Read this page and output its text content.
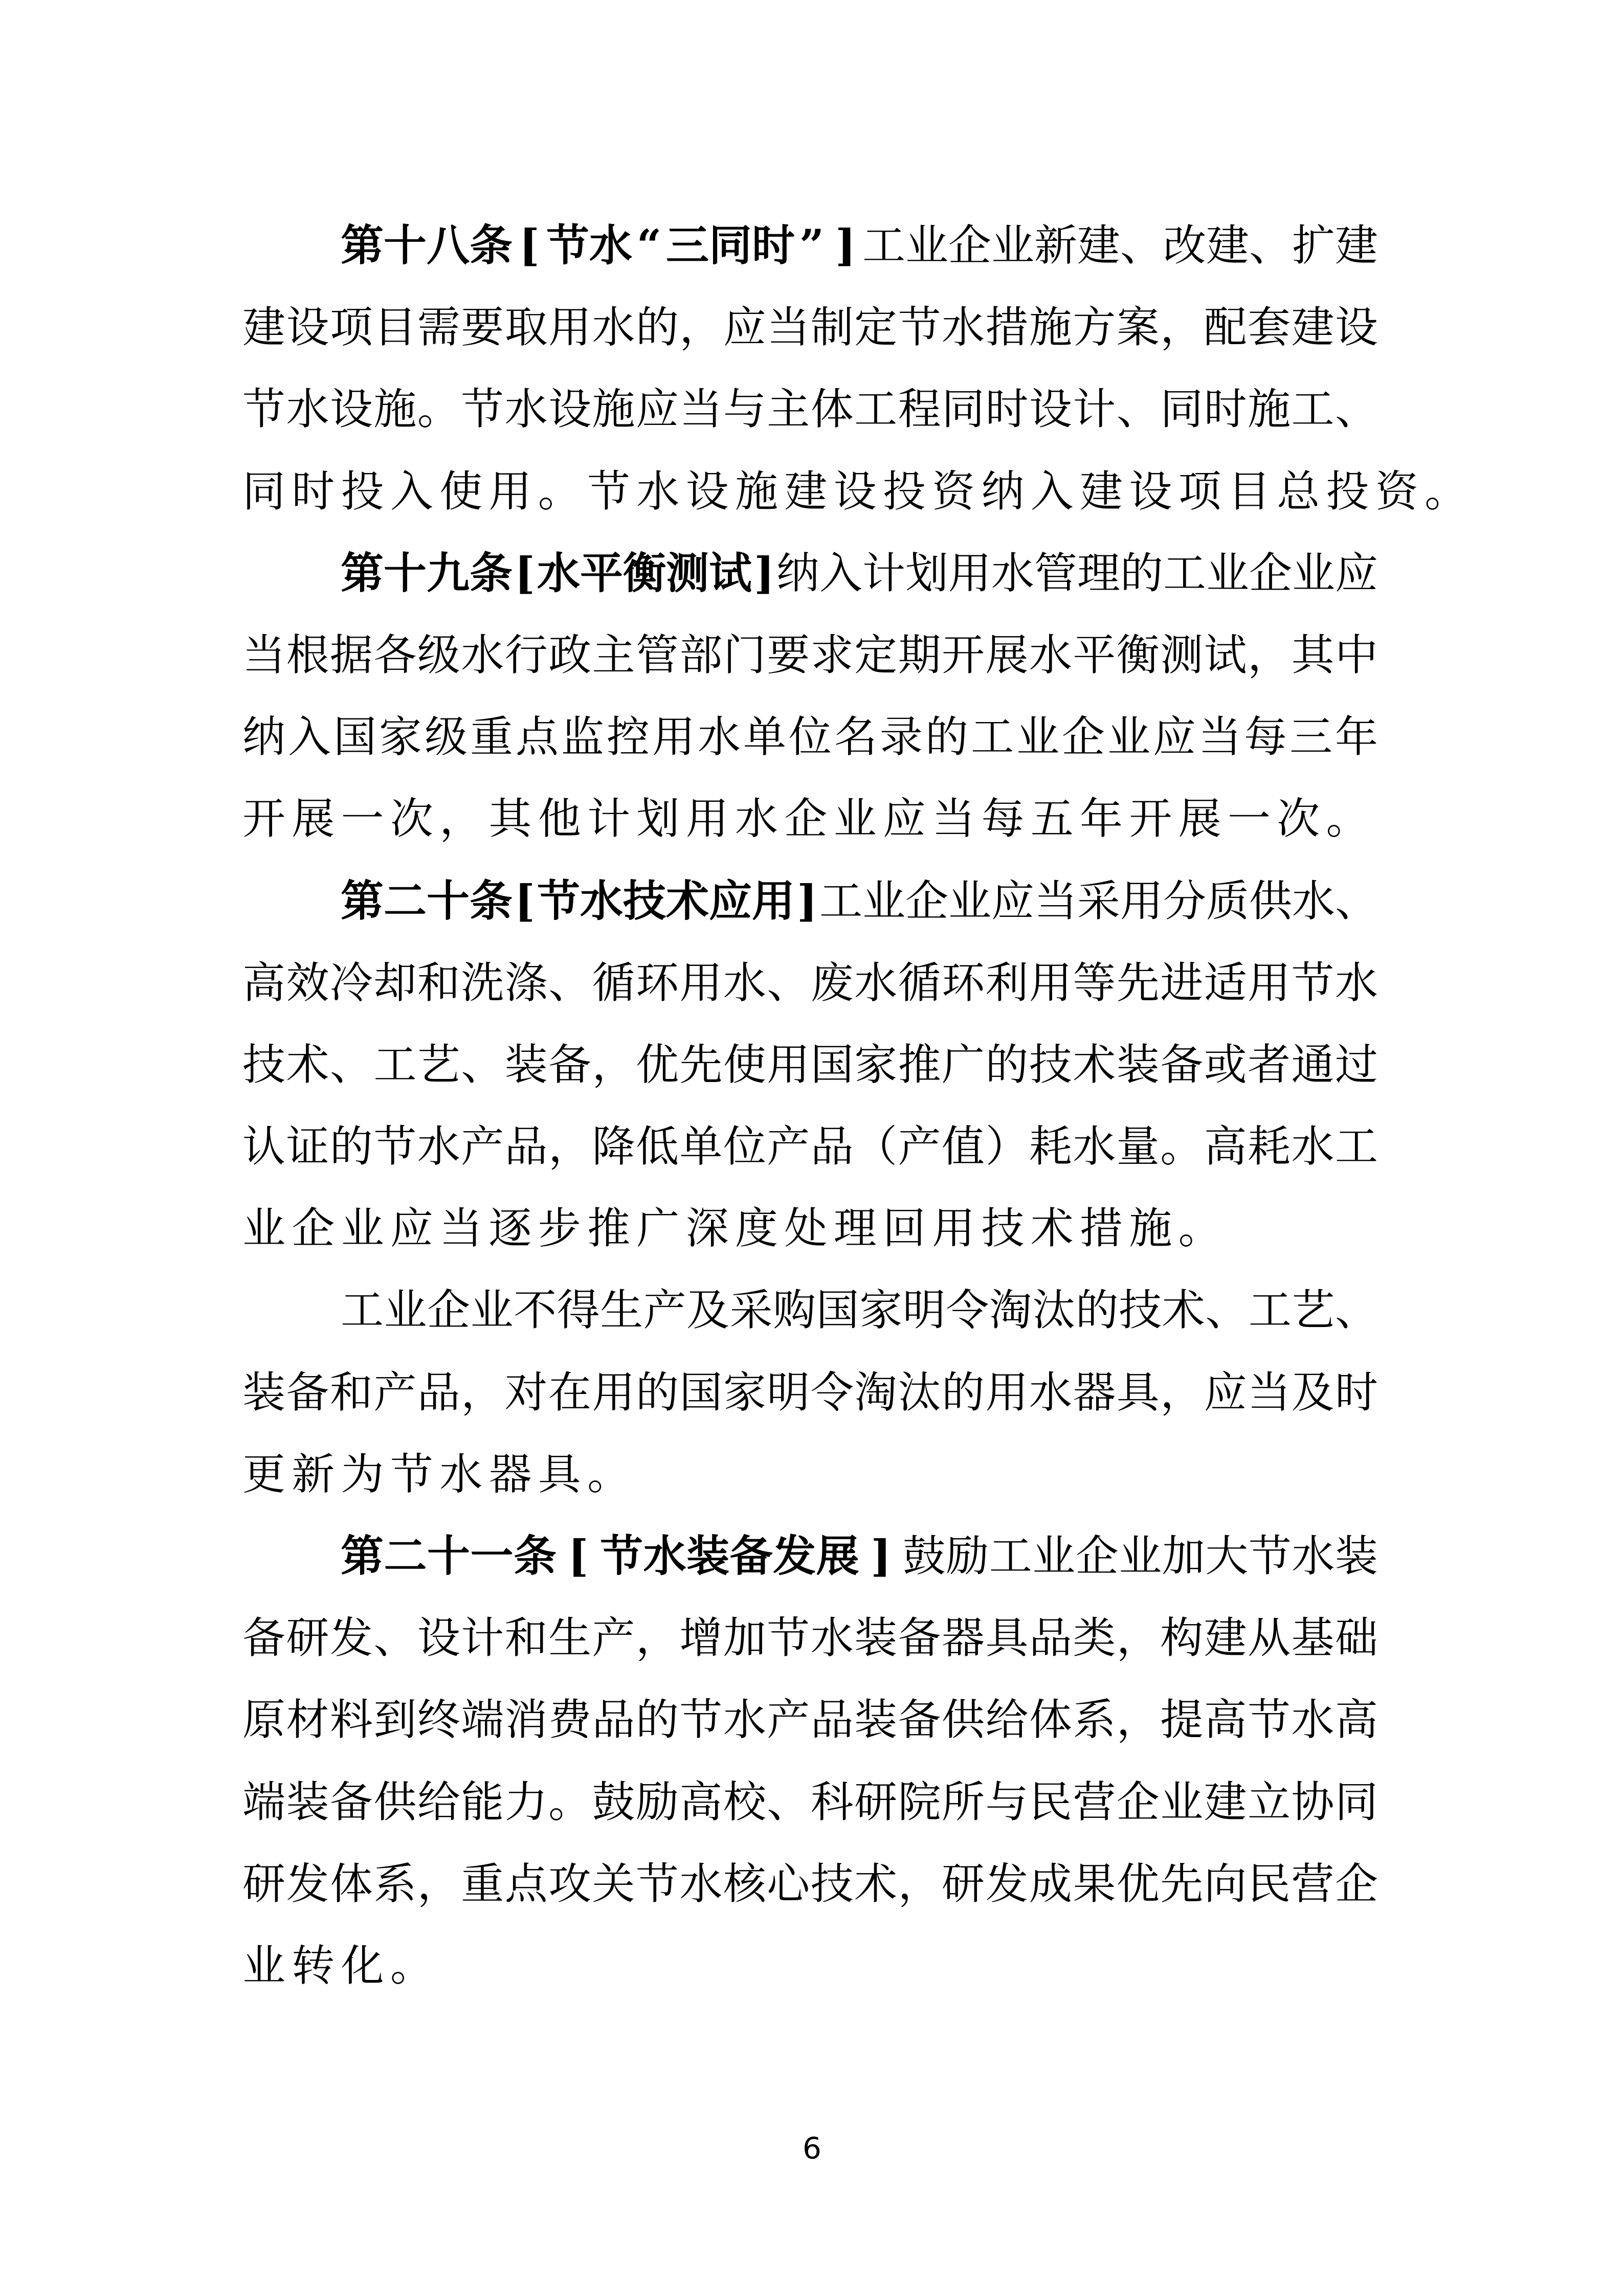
第 十 八 条 [ 节 水 “ 三 同 时 ” ] 工 业 企 业 新 建 、 改 建 、 扩 建
建 设 项 目 需 要 取 用 水 的 ， 应 当 制 定 节 水 措 施 方 案 ， 配 套 建 设
节 水 设 施 。 节 水 设 施 应 当 与 主 体 工 程 同 时 设 计 、 同 时 施 工 、
同 时 投 入 使 用 。 节 水 设 施 建 设 投 资 纳 入 建 设 项 目 总 投 资 。
第 十 九 条 [ 水 平 衡 测 试 ] 纳 入 计 划 用 水 管 理 的 工 业 企 业 应
当 根 据 各 级 水 行 政 主 管 部 门 要 求 定 期 开 展 水 平 衡 测 试 ， 其 中
纳 入 国 家 级 重 点 监 控 用 水 单 位 名 录 的 工 业 企 业 应 当 每 三 年
开 展 一 次 ， 其 他 计 划 用 水 企 业 应 当 每 五 年 开 展 一 次 。
第 二 十 条 [ 节 水 技 术 应 用 ] 工 业 企 业 应 当 采 用 分 质 供 水 、
高 效 冷 却 和 洗 涤 、 循 环 用 水 、 废 水 循 环 利 用 等 先 进 适 用 节 水
技 术 、 工 艺 、 装 备 ， 优 先 使 用 国 家 推 广 的 技 术 装 备 或 者 通 过
认 证 的 节 水 产 品 ， 降 低 单 位 产 品 （ 产 值 ） 耗 水 量 。 高 耗 水 工
业 企 业 应 当 逐 步 推 广 深 度 处 理 回 用 技 术 措 施 。
工 业 企 业 不 得 生 产 及 采 购 国 家 明 令 淘 汰 的 技 术 、 工 艺 、
装 备 和 产 品 ， 对 在 用 的 国 家 明 令 淘 汰 的 用 水 器 具 ， 应 当 及 时
更 新 为 节 水 器 具 。
第 二 十 一 条 [ 节 水 装 备 发 展 ] 鼓 励 工 业 企 业 加 大 节 水 装
备 研 发 、 设 计 和 生 产 ， 增 加 节 水 装 备 器 具 品 类 ， 构 建 从 基 础
原 材 料 到 终 端 消 费 品 的 节 水 产 品 装 备 供 给 体 系 ， 提 高 节 水 高
端 装 备 供 给 能 力 。 鼓 励 高 校 、 科 研 院 所 与 民 营 企 业 建 立 协 同
研 发 体 系 ， 重 点 攻 关 节 水 核 心 技 术 ， 研 发 成 果 优 先 向 民 营 企
业 转 化 。
6
